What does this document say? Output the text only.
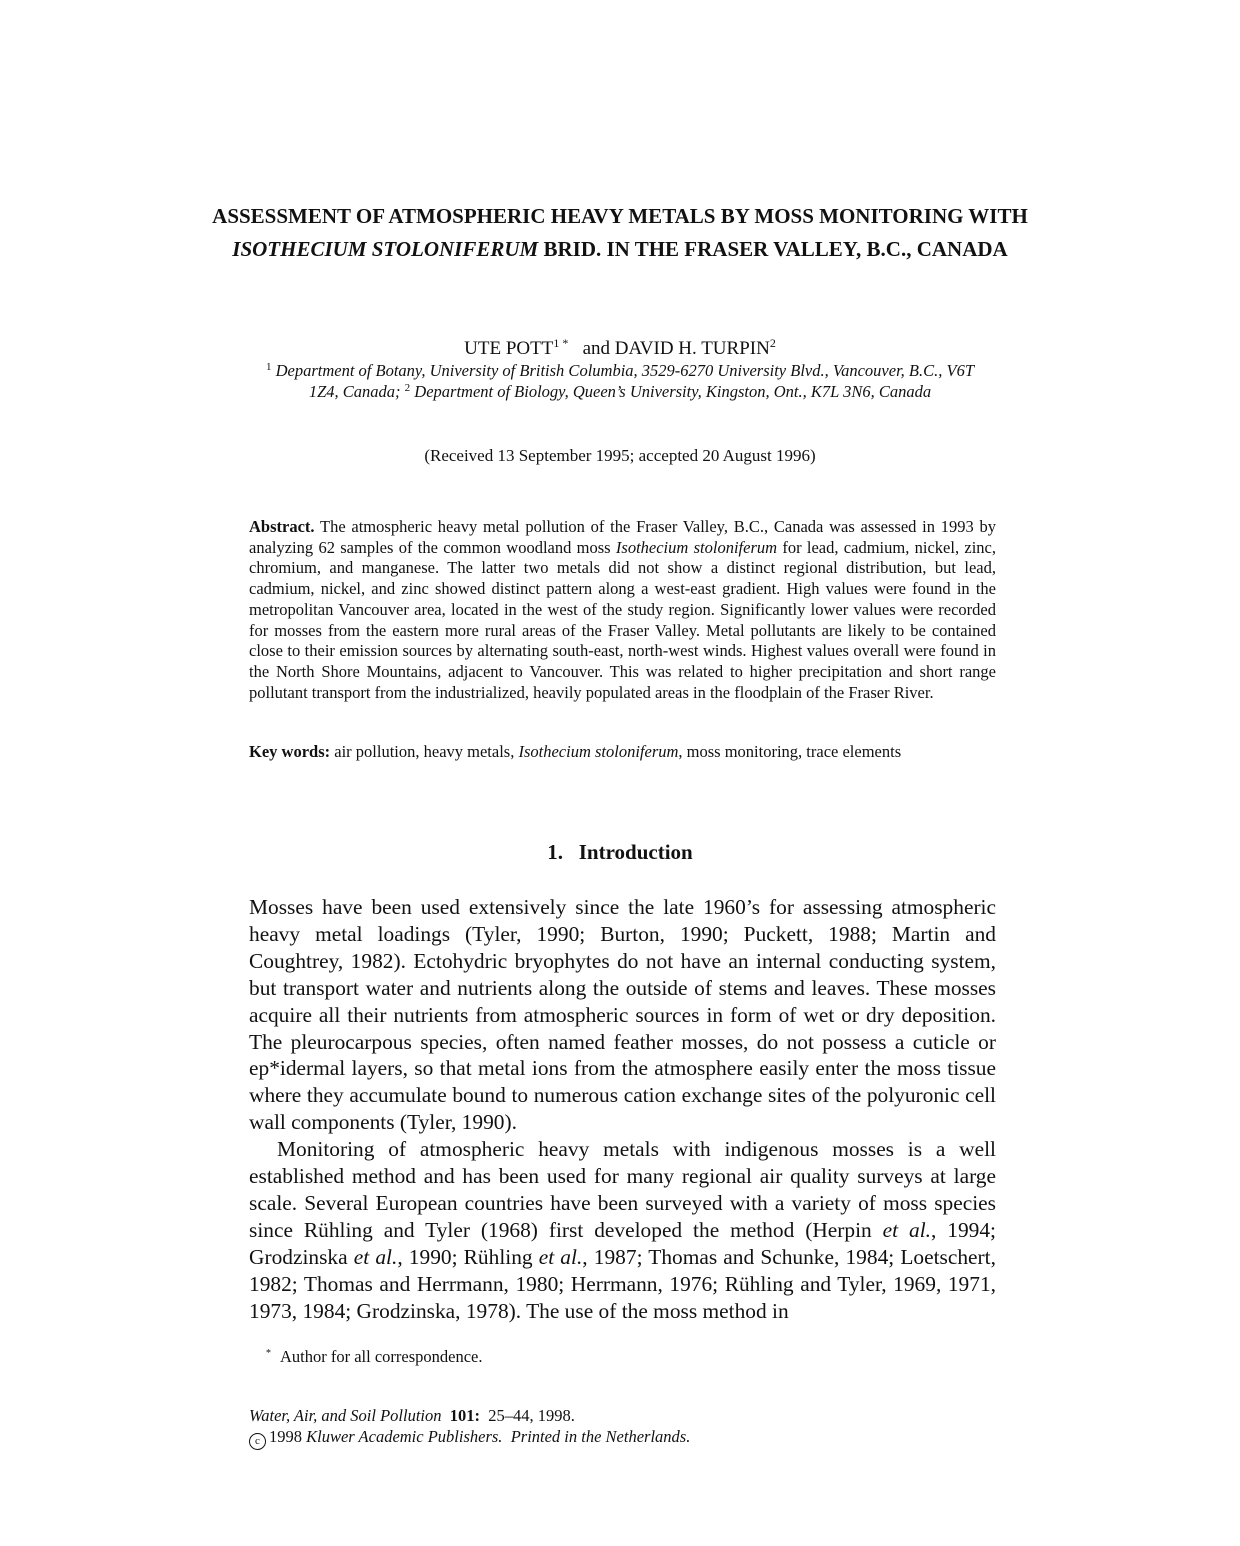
ASSESSMENT OF ATMOSPHERIC HEAVY METALS BY MOSS MONITORING WITH ISOTHECIUM STOLONIFERUM BRID. IN THE FRASER VALLEY, B.C., CANADA
UTE $POTT^{1 *}$ and DAVID H. TURPIN$^2$
$^1$ Department of Botany, University of British Columbia, 3529-6270 University Blvd., Vancouver, B.C., V6T 1Z4, Canada; $^2$ Department of Biology, Queen’s University, Kingston, Ont., K7L 3N6, Canada
(Received 13 September 1995; accepted 20 August 1996)
Abstract. The atmospheric heavy metal pollution of the Fraser Valley, B.C., Canada was assessed in 1993 by analyzing 62 samples of the common woodland moss Isothecium stoloniferum for lead, cadmium, nickel, zinc, chromium, and manganese. The latter two metals did not show a distinct regional distribution, but lead, cadmium, nickel, and zinc showed distinct pattern along a west-east gradient. High values were found in the metropolitan Vancouver area, located in the west of the study region. Significantly lower values were recorded for mosses from the eastern more rural areas of the Fraser Valley. Metal pollutants are likely to be contained close to their emission sources by alternating south-east, north-west winds. Highest values overall were found in the North Shore Mountains, adjacent to Vancouver. This was related to higher precipitation and short range pollutant transport from the industrialized, heavily populated areas in the floodplain of the Fraser River.
Key words: air pollution, heavy metals, Isothecium stoloniferum, moss monitoring, trace elements
1. Introduction

Mosses have been used extensively since the late 1960’s for assessing atmospheric heavy metal loadings (Tyler, 1990; Burton, 1990; Puckett, 1988; Martin and Coughtrey, 1982). Ectohydric bryophytes do not have an internal conducting system, but transport water and nutrients along the outside of stems and leaves. These mosses acquire all their nutrients from atmospheric sources in form of wet or dry deposition. The pleurocarpous species, often named feather mosses, do not possess a cuticle or ep*idermal layers, so that metal ions from the atmosphere easily enter the moss tissue where they accumulate bound to numerous cation exchange sites of the polyuronic cell wall components (Tyler, 1990).

Monitoring of atmospheric heavy metals with indigenous mosses is a well established method and has been used for many regional air quality surveys at large scale. Several European countries have been surveyed with a variety of moss species since Rühling and Tyler (1968) first developed the method (Herpin et al., 1994; Grodzinska et al., 1990; Rühling et al., 1987; Thomas and Schunke, 1984; Loetschert, 1982; Thomas and Herrmann, 1980; Herrmann, 1976; Rühling and Tyler, 1969, 1971, 1973, 1984; Grodzinska, 1978). The use of the moss method in

* Author for all correspondence.
Water, Air, and Soil Pollution 101: 25–44, 1998.
c 1998 Kluwer Academic Publishers. Printed in the Netherlands.
